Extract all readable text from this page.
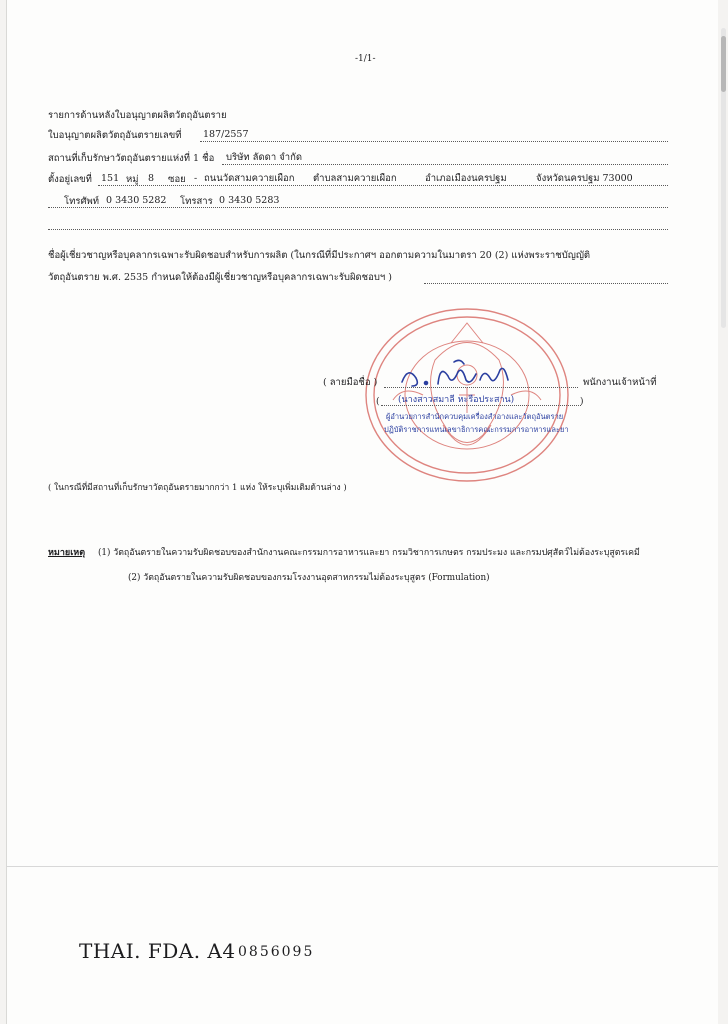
-1/1-
รายการด้านหลังใบอนุญาตผลิตวัตถุอันตราย
ใบอนุญาตผลิตวัตถุอันตรายเลขที่ 187/2557
สถานที่เก็บรักษาวัตถุอันตรายแห่งที่ 1 ชื่อ บริษัท ลัดดา จำกัด
ตั้งอยู่เลขที่ 151 หมู่ 8 ซอย - ถนนวัดสามควายเผือก ตำบลสามควายเผือก	อำเภอเมืองนครปฐม	จังหวัดนครปฐม 73000
โทรศัพท์ 0 3430 5282 โทรสาร 0 3430 5283
ชื่อผู้เชี่ยวชาญหรือบุคลากรเฉพาะรับผิดชอบสำหรับการผลิต (ในกรณีที่มีประกาศฯ ออกตามความในมาตรา 20 (2) แห่งพระราชบัญญัติ
วัตถุอันตราย พ.ศ. 2535 กำหนดให้ต้องมีผู้เชี่ยวชาญหรือบุคลากรเฉพาะรับผิดชอบฯ )
( ลายมือชื่อ )	พนักงานเจ้าหน้าที่
( (นางสาวสมาลี หะรือประสาน)	)
ผู้อำนวยการสำนักควบคุมเครื่องสำอางและวัตถุอันตราย
ปฏิบัติราชการแทนเลขาธิการคณะกรรมการอาหารและยา
( ในกรณีที่มีสถานที่เก็บรักษาวัตถุอันตรายมากกว่า 1 แห่ง ให้ระบุเพิ่มเติมด้านล่าง )
หมายเหตุ (1) วัตถุอันตรายในความรับผิดชอบของสำนักงานคณะกรรมการอาหารและยา กรมวิชาการเกษตร กรมประมง และกรมปศุสัตว์ไม่ต้องระบุสูตรเคมี
(2) วัตถุอันตรายในความรับผิดชอบของกรมโรงงานอุตสาหกรรมไม่ต้องระบุสูตร (Formulation)
THAI. FDA. A4 0856095
